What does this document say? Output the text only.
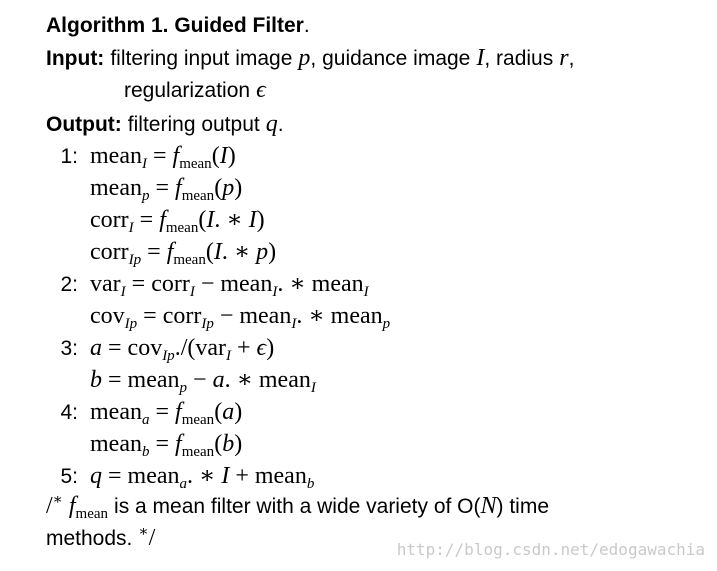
Algorithm 1. Guided Filter.
Input: filtering input image p, guidance image I, radius r,
regularization ϵ
Output: filtering output q.
1: mean$_I$ = $f_{mean}(I)$
mean$_p$ = $f_{mean}(p)$
corr$_I$ = $f_{mean}(I$. ∗ I)
corr$_{Ip}$ = $f_{mean}(I$. ∗ p)
2: var$_I$ = corr$_I$ − mean$_I$. ∗ mean$_I$
cov$_{Ip}$ = corr$_{Ip}$ − mean$_I$. ∗ mean$_p$
3: a = cov$_{Ip}$./(var$_I$ + ϵ)
b = mean$_p$ − a. ∗ mean$_I$
4: mean$_a$ = $f_{mean}(a)$
mean$_b$ = $f_{mean}(b)$
5: q = mean$_a$. ∗ I + mean$_b$
/∗ $f_{mean}$ is a mean filter with a wide variety of O(N) time
methods. ∗/	http://blog.csdn.net/edogawachia
